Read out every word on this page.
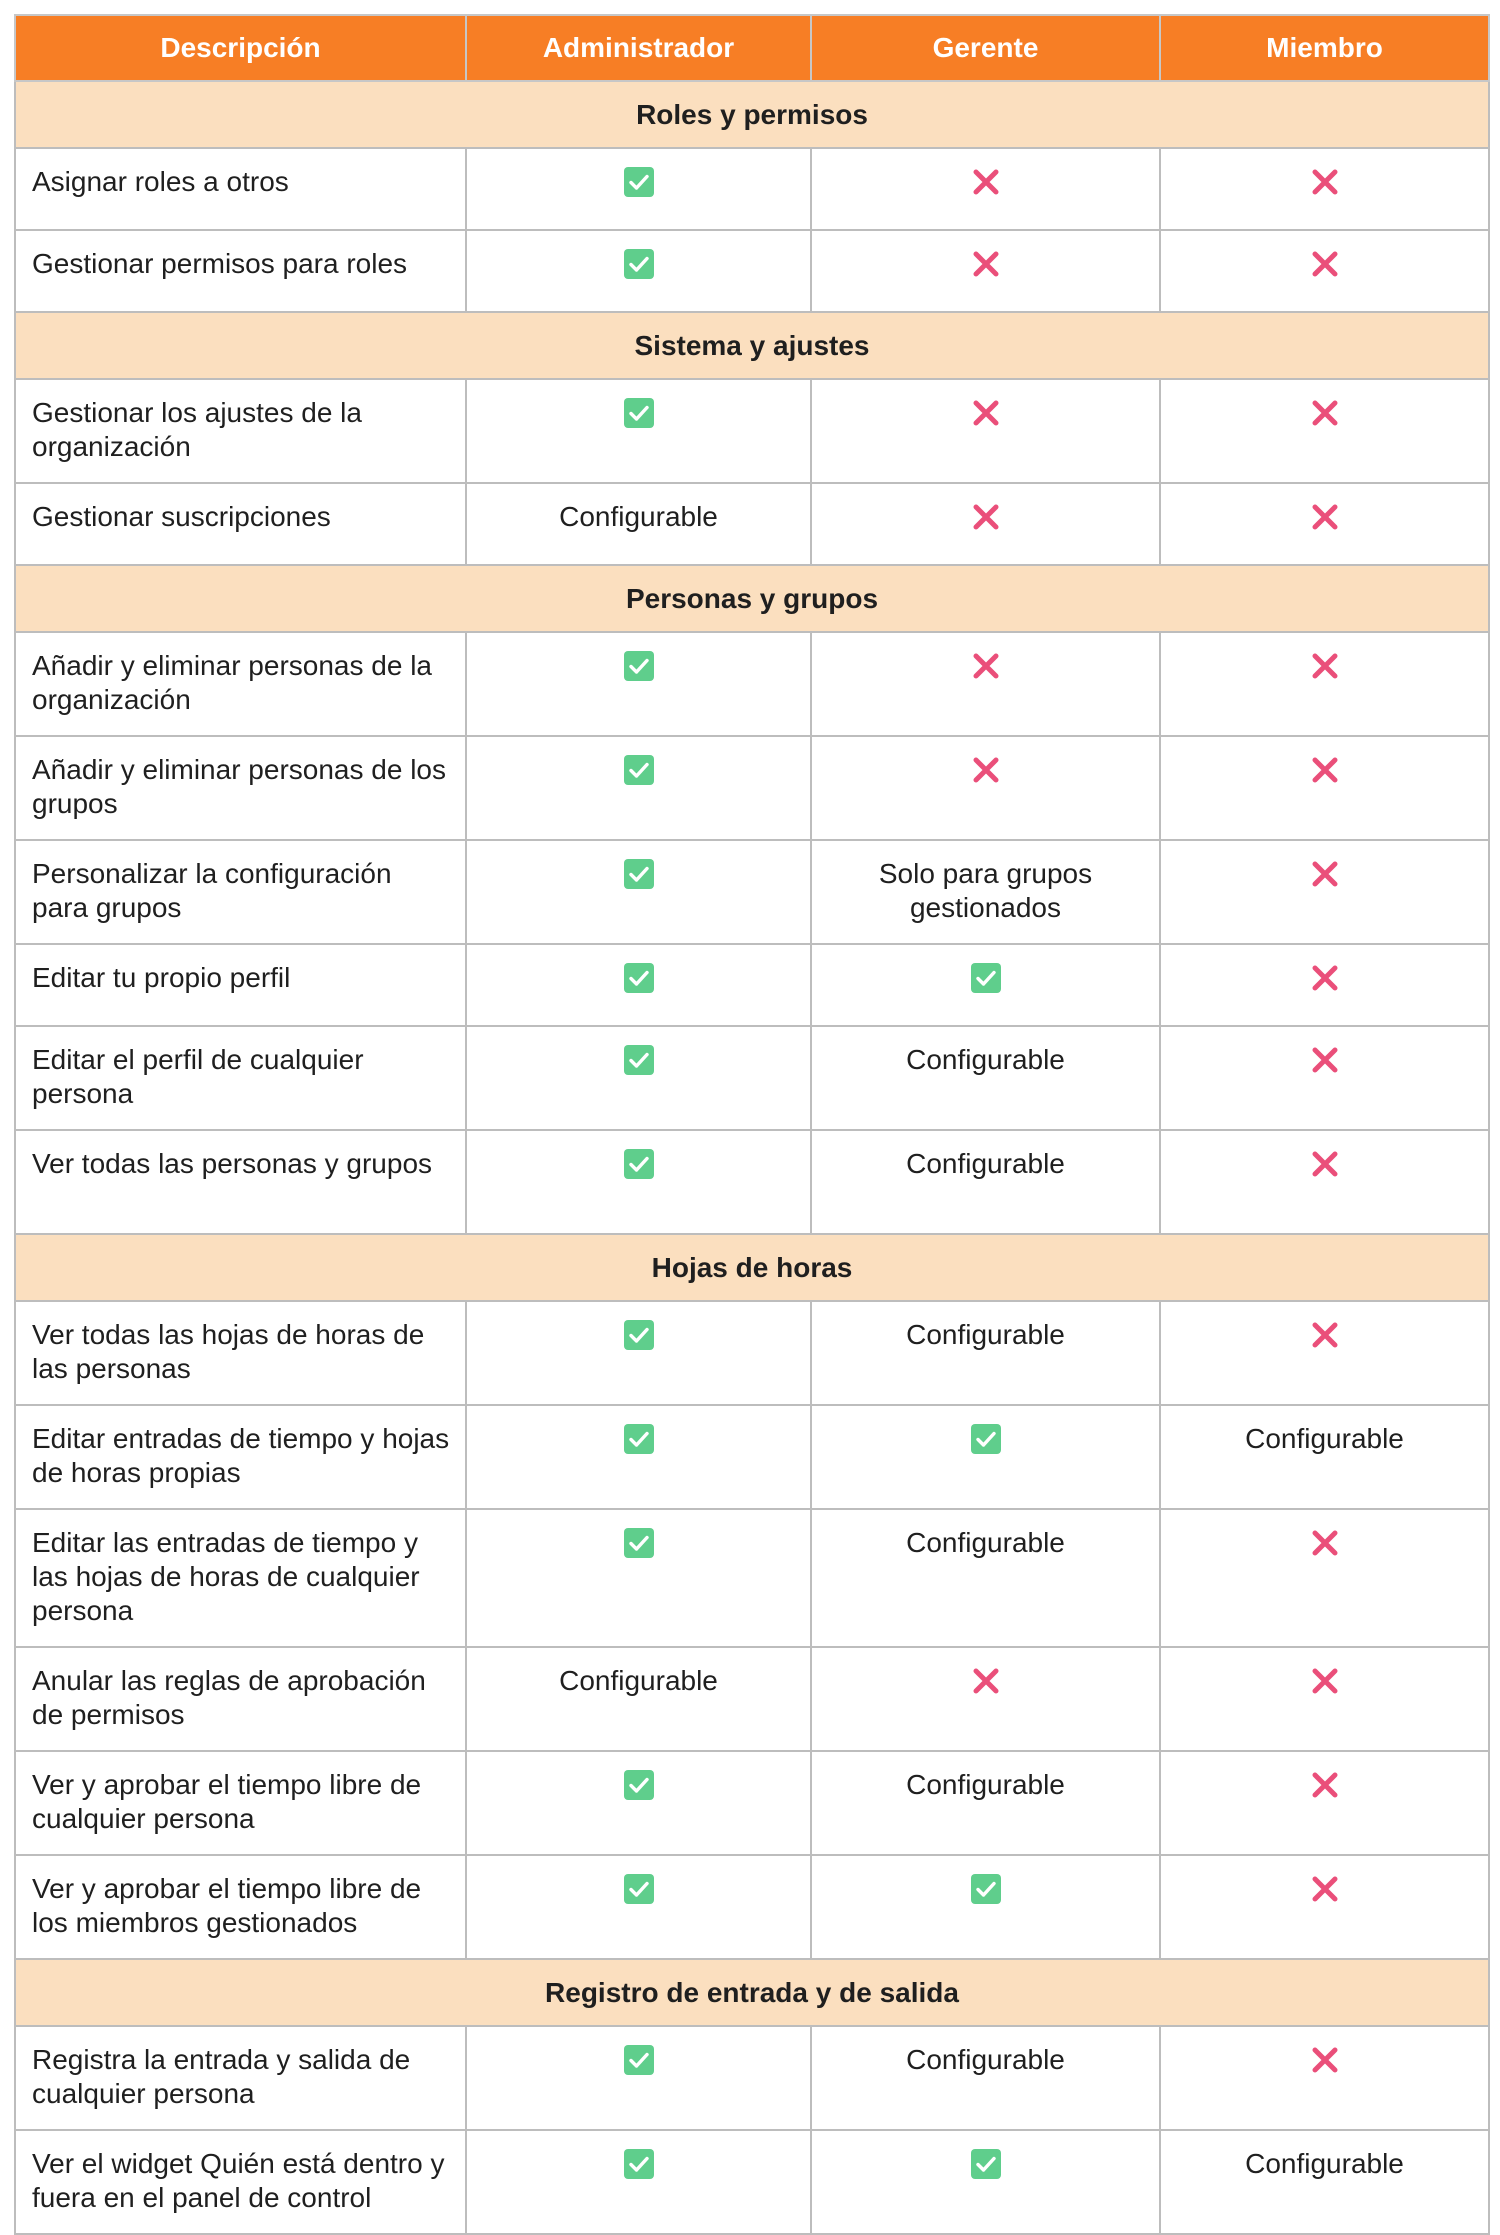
Descripción	Administrador	Gerente	Miembro
Roles y permisos			
Asignar roles a otros	

Gestionar permisos para roles	

Sistema y ajustes			
Gestionar los ajustes de la organización	

Gestionar suscripciones	Configurable		
Personas y grupos			
Añadir y eliminar personas de la organización	

Añadir y eliminar personas de los grupos	

Personalizar la configuración para grupos		Solo para grupos gestionados	
Editar tu propio perfil	

Editar el perfil de cualquier persona		Configurable	
Ver todas las personas y grupos		Configurable	
Hojas de horas			
Ver todas las hojas de horas de las personas		Configurable	
Editar entradas de tiempo y hojas de horas propias			Configurable
Editar las entradas de tiempo y las hojas de horas de cualquier persona		Configurable	
Anular las reglas de aprobación de permisos	Configurable		
Ver y aprobar el tiempo libre de cualquier persona		Configurable	
Ver y aprobar el tiempo libre de los miembros gestionados	

Registro de entrada y de salida			
Registra la entrada y salida de cualquier persona		Configurable	
Ver el widget Quién está dentro y fuera en el panel de control			Configurable
